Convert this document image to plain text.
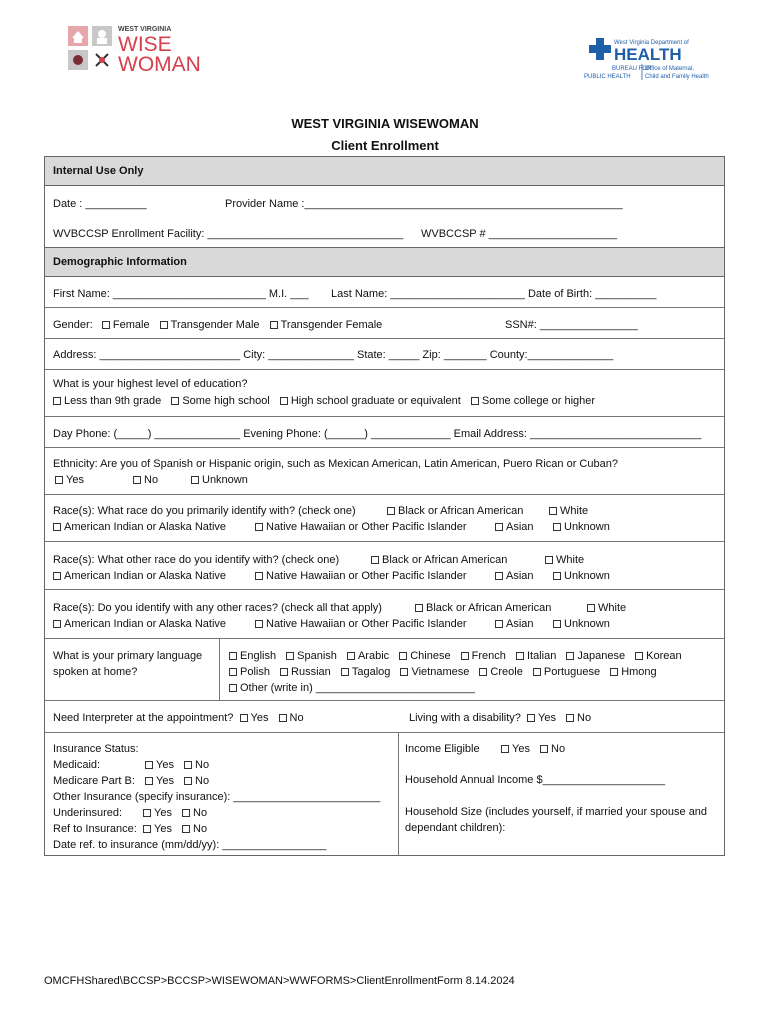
WEST VIRGINIA
WISE
WOMAN
West Virginia Department of
HEALTH
BUREAU FOR
PUBLIC HEALTH
Office of Maternal,
Child and Family Health
WEST VIRGINIA WISEWOMAN
Client Enrollment
Internal Use Only
Date : __________	Provider Name :____________________________________________________
WVBCCSP Enrollment Facility: ________________________________ WVBCCSP # _____________________
Demographic Information
First Name: _________________________ M.I. ___ Last Name: ______________________ Date of Birth: __________
Gender: Female Transgender Male Transgender Female	SSN#: ________________
Address: _______________________ City: ______________ State: _____ Zip: _______ County:______________
What is your highest level of education?
Less than 9th grade Some high school High school graduate or equivalent Some college or higher
Day Phone: (_____) ______________ Evening Phone: (______) _____________ Email Address: ____________________________
Ethnicity: Are you of Spanish or Hispanic origin, such as Mexican American, Latin American, Puero Rican or Cuban?
Yes	No	Unknown
Race(s): What race do you primarily identify with? (check one)	Black or African American	White
American Indian or Alaska Native	Native Hawaiian or Other Pacific Islander	Asian	Unknown
Race(s): What other race do you identify with? (check one)	Black or African American	White
American Indian or Alaska Native	Native Hawaiian or Other Pacific Islander	Asian	Unknown
Race(s): Do you identify with any other races? (check all that apply)	Black or African American	White
American Indian or Alaska Native	Native Hawaiian or Other Pacific Islander	Asian	Unknown
What is your primary language
spoken at home?
English Spanish Arabic Chinese French Italian Japanese Korean
Polish Russian Tagalog Vietnamese Creole Portuguese Hmong
Other (write in) __________________________
Need Interpreter at the appointment? Yes No	Living with a disability? Yes No
Insurance Status:
Medicaid:	Yes No
Medicare Part B:	Yes No
Other Insurance (specify insurance): ________________________
Underinsured:	Yes No
Ref to Insurance:	Yes No
Date ref. to insurance (mm/dd/yy): _________________
Income Eligible	Yes No
Household Annual Income $____________________
Household Size (includes yourself, if married your spouse and
dependant children):
OMCFHShared\BCCSP>BCCSP>WISEWOMAN>WWFORMS>ClientEnrollmentForm 8.14.2024
